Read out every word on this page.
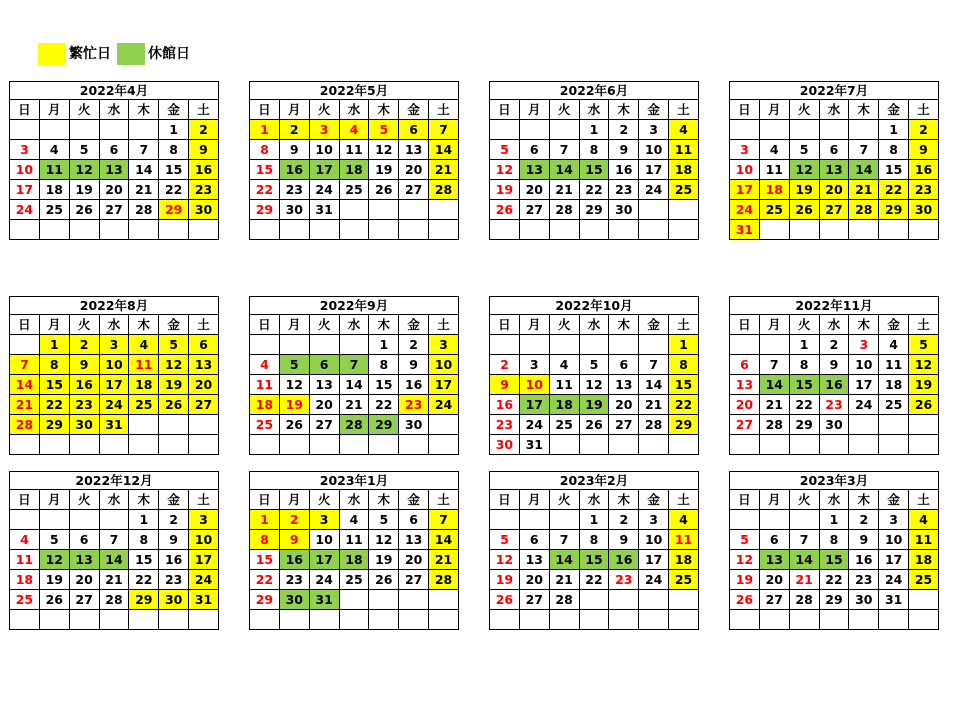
繁忙日	休館日
2022年4月						
日	月	火	水	木	金	土
					1	2
3	4	5	6	7	8	9
10	11	12	13	14	15	16
17	18	19	20	21	22	23
24	25	26	27	28	29	30

2022年5月						
日	月	火	水	木	金	土
1	2	3	4	5	6	7
8	9	10	11	12	13	14
15	16	17	18	19	20	21
22	23	24	25	26	27	28
29	30	31				

2022年6月						
日	月	火	水	木	金	土
			1	2	3	4
5	6	7	8	9	10	11
12	13	14	15	16	17	18
19	20	21	22	23	24	25
26	27	28	29	30		

2022年7月						
日	月	火	水	木	金	土
					1	2
3	4	5	6	7	8	9
10	11	12	13	14	15	16
17	18	19	20	21	22	23
24	25	26	27	28	29	30
31						
2022年8月						
日	月	火	水	木	金	土
	1	2	3	4	5	6
7	8	9	10	11	12	13
14	15	16	17	18	19	20
21	22	23	24	25	26	27
28	29	30	31			

2022年9月						
日	月	火	水	木	金	土
				1	2	3
4	5	6	7	8	9	10
11	12	13	14	15	16	17
18	19	20	21	22	23	24
25	26	27	28	29	30	

2022年10月						
日	月	火	水	木	金	土
						1
2	3	4	5	6	7	8
9	10	11	12	13	14	15
16	17	18	19	20	21	22
23	24	25	26	27	28	29
30	31					
2022年11月						
日	月	火	水	木	金	土
		1	2	3	4	5
6	7	8	9	10	11	12
13	14	15	16	17	18	19
20	21	22	23	24	25	26
27	28	29	30			

2022年12月						
日	月	火	水	木	金	土
				1	2	3
4	5	6	7	8	9	10
11	12	13	14	15	16	17
18	19	20	21	22	23	24
25	26	27	28	29	30	31

2023年1月						
日	月	火	水	木	金	土
1	2	3	4	5	6	7
8	9	10	11	12	13	14
15	16	17	18	19	20	21
22	23	24	25	26	27	28
29	30	31				

2023年2月						
日	月	火	水	木	金	土
			1	2	3	4
5	6	7	8	9	10	11
12	13	14	15	16	17	18
19	20	21	22	23	24	25
26	27	28				

2023年3月						
日	月	火	水	木	金	土
			1	2	3	4
5	6	7	8	9	10	11
12	13	14	15	16	17	18
19	20	21	22	23	24	25
26	27	28	29	30	31	
